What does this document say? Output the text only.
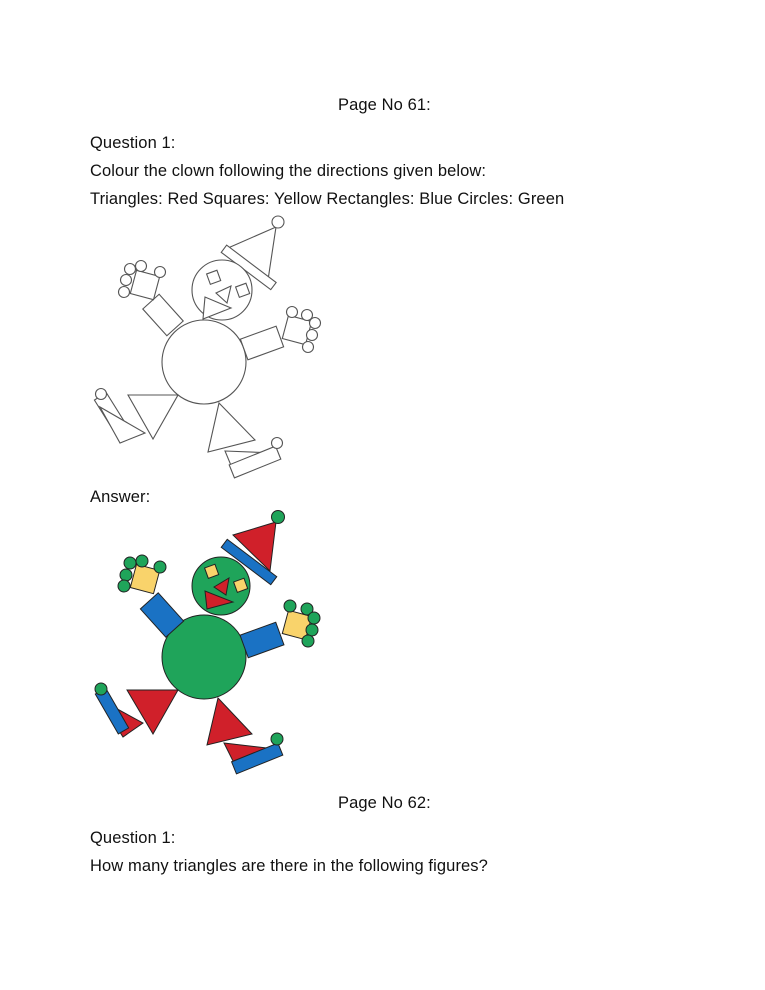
Page No 61:
Question 1:
Colour the clown following the directions given below:
Triangles: Red Squares: Yellow Rectangles: Blue Circles: Green
Answer:
Page No 62:
Question 1:
How many triangles are there in the following figures?
